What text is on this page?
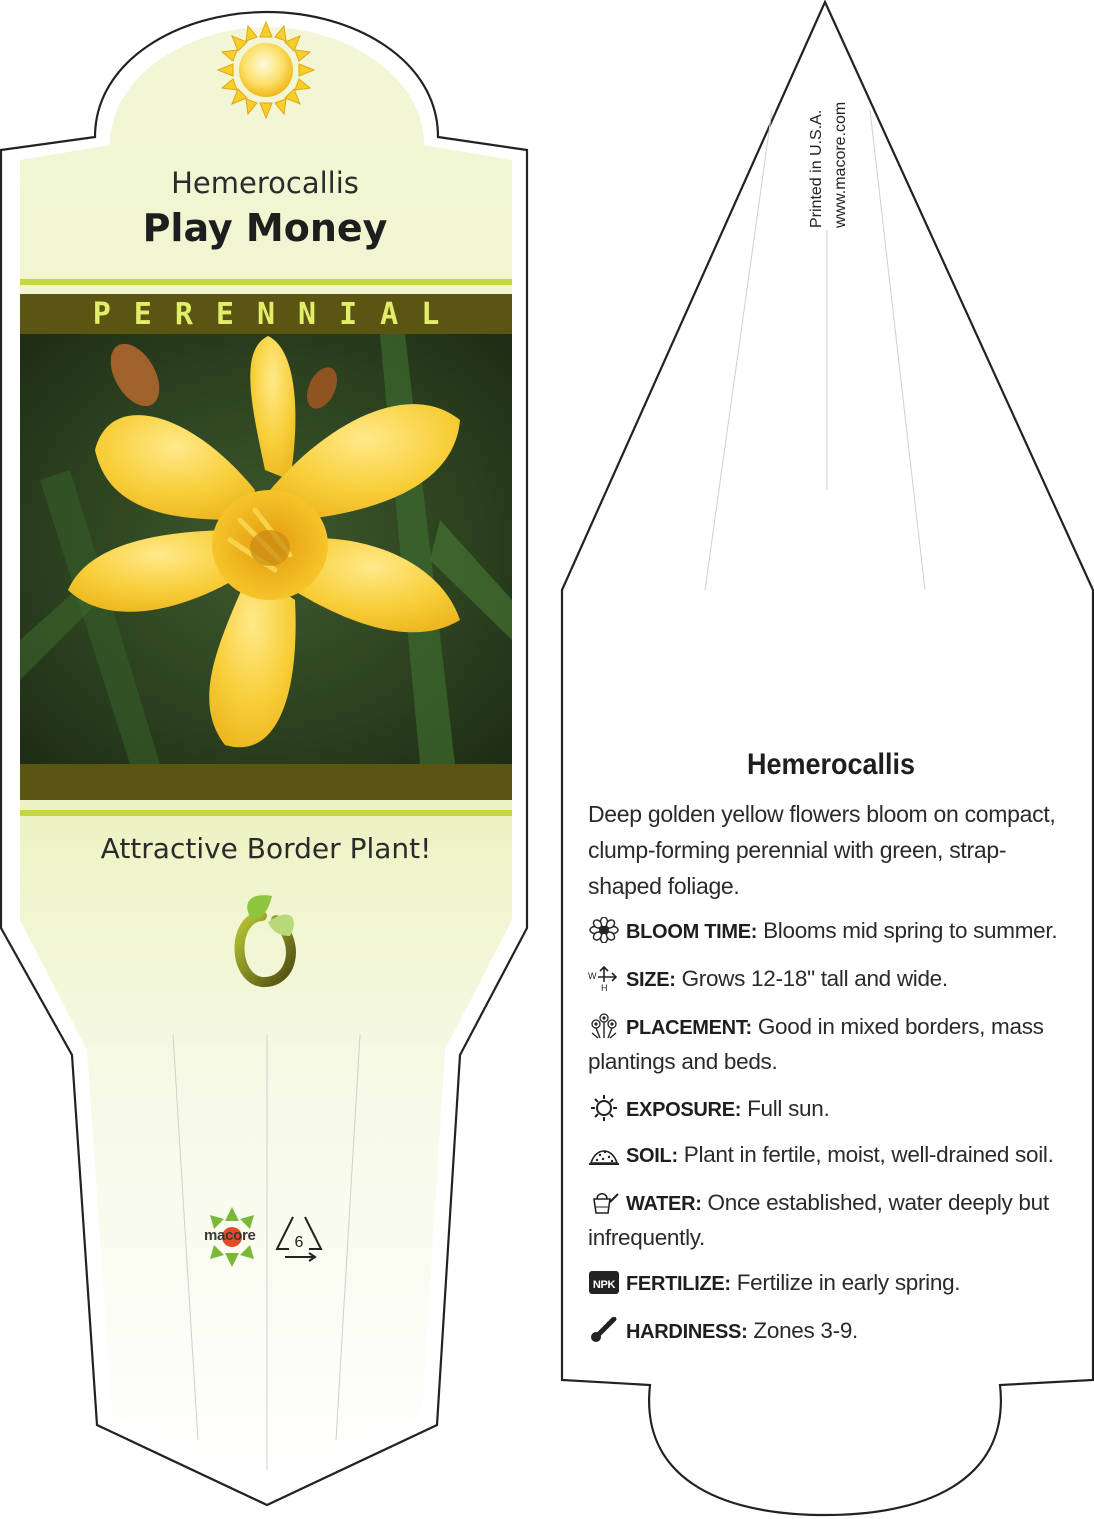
Hemerocallis
Play Money
PERENNIAL
Attractive Border Plant!
macore	6
Printed in U.S.A. www.macore.com
Hemerocallis

Deep golden yellow flowers bloom on compact, clump-forming perennial with green, strap-shaped foliage.

BLOOM TIME: Blooms mid spring to summer.
W
H SIZE: Grows 12-18" tall and wide.
PLACEMENT: Good in mixed borders, mass plantings and beds.
EXPOSURE: Full sun.
SOIL: Plant in fertile, moist, well-drained soil.
WATER: Once established, water deeply but infrequently.
NPK FERTILIZE: Fertilize in early spring.
HARDINESS: Zones 3-9.
